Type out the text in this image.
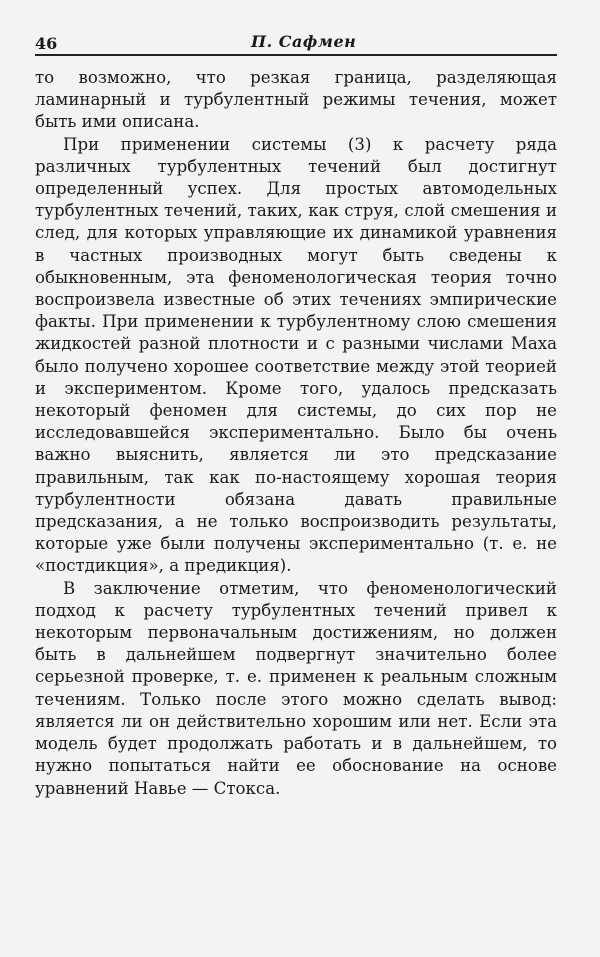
46	П. Сафмен

то возможно, что резкая граница, разделяющая ламинарный и турбулентный режимы течения, может быть ими описана.

При применении системы (3) к расчету ряда различных турбулентных течений был достигнут определенный успех. Для простых автомодельных турбулентных течений, таких, как струя, слой смешения и след, для которых управляющие их динамикой уравнения в частных производных могут быть сведены к обыкновенным, эта феноменологическая теория точно воспроизвела известные об этих течениях эмпирические факты. При применении к турбулентному слою смешения жидкостей разной плотности и с разными числами Маха было получено хорошее соответствие между этой теорией и экспериментом. Кроме того, удалось предсказать некоторый феномен для системы, до сих пор не исследовавшейся экспериментально. Было бы очень важно выяснить, является ли это предсказание правильным, так как по-настоящему хорошая теория турбулентности обязана давать правильные предсказания, а не только воспроизводить результаты, которые уже были получены экспериментально (т. е. не «постдикция», а предикция).

В заключение отметим, что феноменологический подход к расчету турбулентных течений привел к некоторым первоначальным достижениям, но должен быть в дальнейшем подвергнут значительно более серьезной проверке, т. е. применен к реальным сложным течениям. Только после этого можно сделать вывод: является ли он действительно хорошим или нет. Если эта модель будет продолжать работать и в дальнейшем, то нужно попытаться найти ее обоснование на основе уравнений Навье — Стокса.
